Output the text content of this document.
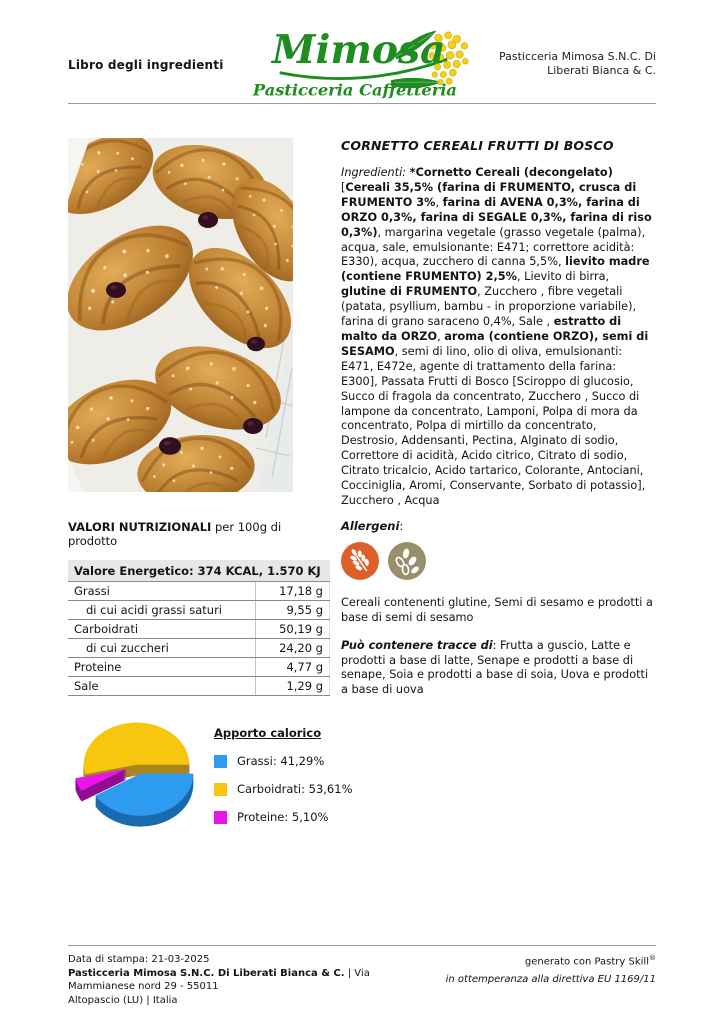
Libro degli ingredienti	Mimosa
Pasticceria Caffetteria
Pasticceria Mimosa S.N.C. Di
Liberati Bianca & C.
VALORI NUTRIZIONALI per 100g di prodotto
Valore Energetico: 374 KCAL, 1.570 KJ	
Grassi	17,18 g
di cui acidi grassi saturi	9,55 g
Carboidrati	50,19 g
di cui zuccheri	24,20 g
Proteine	4,77 g
Sale	1,29 g
Apporto calorico
Grassi: 41,29%
Carboidrati: 53,61%
Proteine: 5,10%
CORNETTO CEREALI FRUTTI DI BOSCO

Ingredienti: *Cornetto Cereali (decongelato) [Cereali 35,5% (farina di FRUMENTO, crusca di FRUMENTO 3%, farina di AVENA 0,3%, farina di ORZO 0,3%, farina di SEGALE 0,3%, farina di riso 0,3%), margarina vegetale (grasso vegetale (palma), acqua, sale, emulsionante: E471; correttore acidità: E330), acqua, zucchero di canna 5,5%, lievito madre (contiene FRUMENTO) 2,5%, Lievito di birra, glutine di FRUMENTO, Zucchero , fibre vegetali (patata, psyllium, bambu - in proporzione variabile), farina di grano saraceno 0,4%, Sale , estratto di malto da ORZO, aroma (contiene ORZO), semi di SESAMO, semi di lino, olio di oliva, emulsionanti: E471, E472e, agente di trattamento della farina: E300], Passata Frutti di Bosco [Sciroppo di glucosio, Succo di fragola da concentrato, Zucchero , Succo di lampone da concentrato, Lamponi, Polpa di mora da concentrato, Polpa di mirtillo da concentrato, Destrosio, Addensanti, Pectina, Alginato di sodio, Correttore di acidità, Acido citrico, Citrato di sodio, Citrato tricalcio, Acido tartarico, Colorante, Antociani, Cocciniglia, Aromi, Conservante, Sorbato di potassio], Zucchero , Acqua

Allergeni:

Cereali contenenti glutine, Semi di sesamo e prodotti a base di semi di sesamo

Può contenere tracce di: Frutta a guscio, Latte e prodotti a base di latte, Senape e prodotti a base di senape, Soia e prodotti a base di soia, Uova e prodotti a base di uova

Data di stampa: 21-03-2025
Pasticceria Mimosa S.N.C. Di Liberati Bianca & C. | Via Mammianese nord 29 - 55011
Altopascio (LU) | Italia
generato con Pastry Skill®
in ottemperanza alla direttiva EU 1169/11
